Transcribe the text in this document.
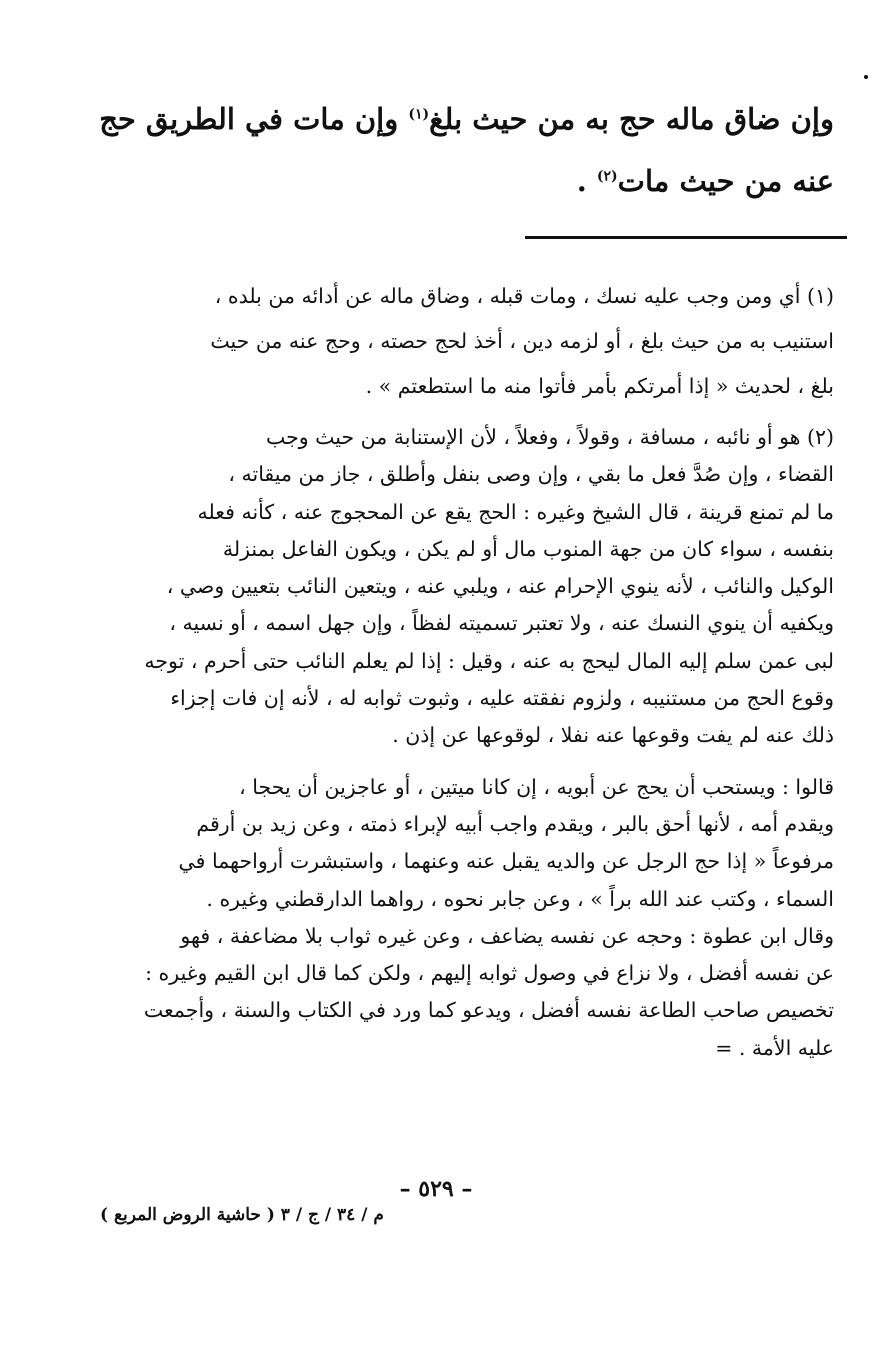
وإن ضاق ماله حج به من حيث بلغ$^{(١)}$ وإن مات في الطريق حج
عنه من حيث مات$^{(٢)}$ .
(١) أي ومن وجب عليه نسك ، ومات قبله ، وضاق ماله عن أدائه من بلده ،
استنيب به من حيث بلغ ، أو لزمه دين ، أخذ لحج حصته ، وحج عنه من حيث
بلغ ، لحديث « إذا أمرتكم بأمر فأتوا منه ما استطعتم » .
(٢) هو أو نائبه ، مسافة ، وقولاً ، وفعلاً ، لأن الإستنابة من حيث وجب
القضاء ، وإن صُدَّ فعل ما بقي ، وإن وصى بنفل وأطلق ، جاز من ميقاته ،
ما لم تمنع قرينة ، قال الشيخ وغيره : الحج يقع عن المحجوج عنه ، كأنه فعله
بنفسه ، سواء كان من جهة المنوب مال أو لم يكن ، ويكون الفاعل بمنزلة
الوكيل والنائب ، لأنه ينوي الإحرام عنه ، ويلبي عنه ، ويتعين النائب بتعيين وصي ،
ويكفيه أن ينوي النسك عنه ، ولا تعتبر تسميته لفظاً ، وإن جهل اسمه ، أو نسيه ،
لبى عمن سلم إليه المال ليحج به عنه ، وقيل : إذا لم يعلم النائب حتى أحرم ، توجه
وقوع الحج من مستنيبه ، ولزوم نفقته عليه ، وثبوت ثوابه له ، لأنه إن فات إجزاء
ذلك عنه لم يفت وقوعها عنه نفلا ، لوقوعها عن إذن .
قالوا : ويستحب أن يحج عن أبويه ، إن كانا ميتين ، أو عاجزين أن يحجا ،
ويقدم أمه ، لأنها أحق بالبر ، ويقدم واجب أبيه لإبراء ذمته ، وعن زيد بن أرقم
مرفوعاً « إذا حج الرجل عن والديه يقبل عنه وعنهما ، واستبشرت أرواحهما في
السماء ، وكتب عند الله براً » ، وعن جابر نحوه ، رواهما الدارقطني وغيره .
وقال ابن عطوة : وحجه عن نفسه يضاعف ، وعن غيره ثواب بلا مضاعفة ، فهو
عن نفسه أفضل ، ولا نزاع في وصول ثوابه إليهم ، ولكن كما قال ابن القيم وغيره :
تخصيص صاحب الطاعة نفسه أفضل ، ويدعو كما ورد في الكتاب والسنة ، وأجمعت
عليه الأمة . =
– ٥٢٩ –
م / ٣٤ / ج / ٣ ( حاشية الروض المربع )
